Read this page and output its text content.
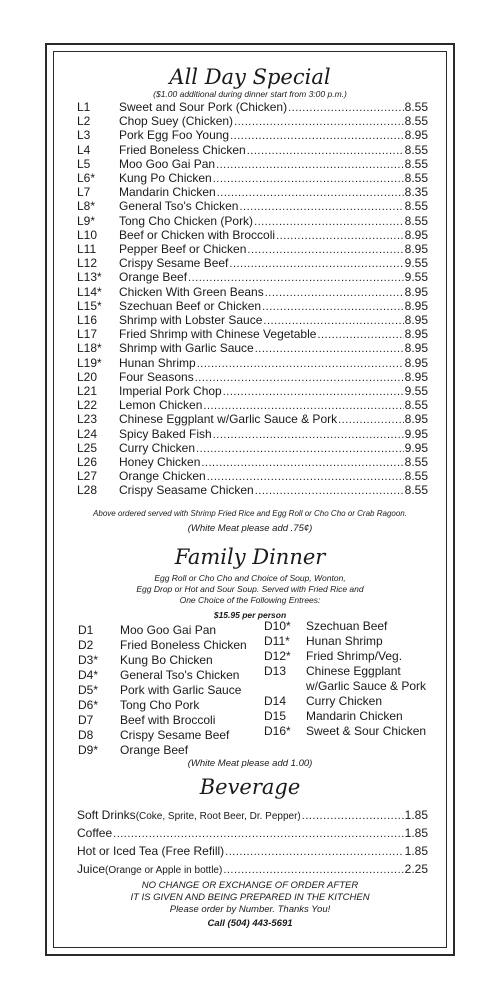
All Day Special
($1.00 additional during dinner start from 3:00 p.m.)
L1	Sweet and Sour Pork (Chicken) .....	8.55
L2	Chop Suey (Chicken) .....	8.55
L3	Pork Egg Foo Young .....	8.95
L4	Fried Boneless Chicken .....	8.55
L5	Moo Goo Gai Pan .....	8.55
L6*	Kung Po Chicken .....	8.55
L7	Mandarin Chicken .....	8.35
L8*	General Tso's Chicken .....	8.55
L9*	Tong Cho Chicken (Pork) .....	8.55
L10	Beef or Chicken with Broccoli .....	8.95
L11	Pepper Beef or Chicken .....	8.95
L12	Crispy Sesame Beef .....	9.55
L13*	Orange Beef .....	9.55
L14*	Chicken With Green Beans .....	8.95
L15*	Szechuan Beef or Chicken .....	8.95
L16	Shrimp with Lobster Sauce .....	8.95
L17	Fried Shrimp with Chinese Vegetable .....	8.95
L18*	Shrimp with Garlic Sauce .....	8.95
L19*	Hunan Shrimp .....	8.95
L20	Four Seasons .....	8.95
L21	Imperial Pork Chop .....	9.55
L22	Lemon Chicken .....	8.55
L23	Chinese Eggplant w/Garlic Sauce & Pork .....	8.95
L24	Spicy Baked Fish .....	9.95
L25	Curry Chicken .....	9.95
L26	Honey Chicken .....	8.55
L27	Orange Chicken .....	8.55
L28	Crispy Seasame Chicken .....	8.55
Above ordered served with Shrimp Fried Rice and Egg Roll or Cho Cho or Crab Ragoon.
(White Meat please add .75¢)
Family Dinner
Egg Roll or Cho Cho and Choice of Soup, Wonton,
Egg Drop or Hot and Sour Soup. Served with Fried Rice and
One Choice of the Following Entrees:
$15.95 per person
D1 Moo Goo Gai Pan
D2 Fried Boneless Chicken
D3* Kung Bo Chicken
D4* General Tso's Chicken
D5* Pork with Garlic Sauce
D6* Tong Cho Pork
D7 Beef with Broccoli
D8 Crispy Sesame Beef
D9* Orange Beef
D10* Szechuan Beef
D11* Hunan Shrimp
D12* Fried Shrimp/Veg.
D13 Chinese Eggplant
w/Garlic Sauce & Pork
D14 Curry Chicken
D15 Mandarin Chicken
D16* Sweet & Sour Chicken
(White Meat please add 1.00)
Beverage
Soft Drinks (Coke, Sprite, Root Beer, Dr. Pepper) .....	1.85
Coffee .....	1.85
Hot or Iced Tea (Free Refill) .....	1.85
Juice (Orange or Apple in bottle) .....	2.25
NO CHANGE OR EXCHANGE OF ORDER AFTER
IT IS GIVEN AND BEING PREPARED IN THE KITCHEN
Please order by Number. Thanks You!
Call (504) 443-5691
